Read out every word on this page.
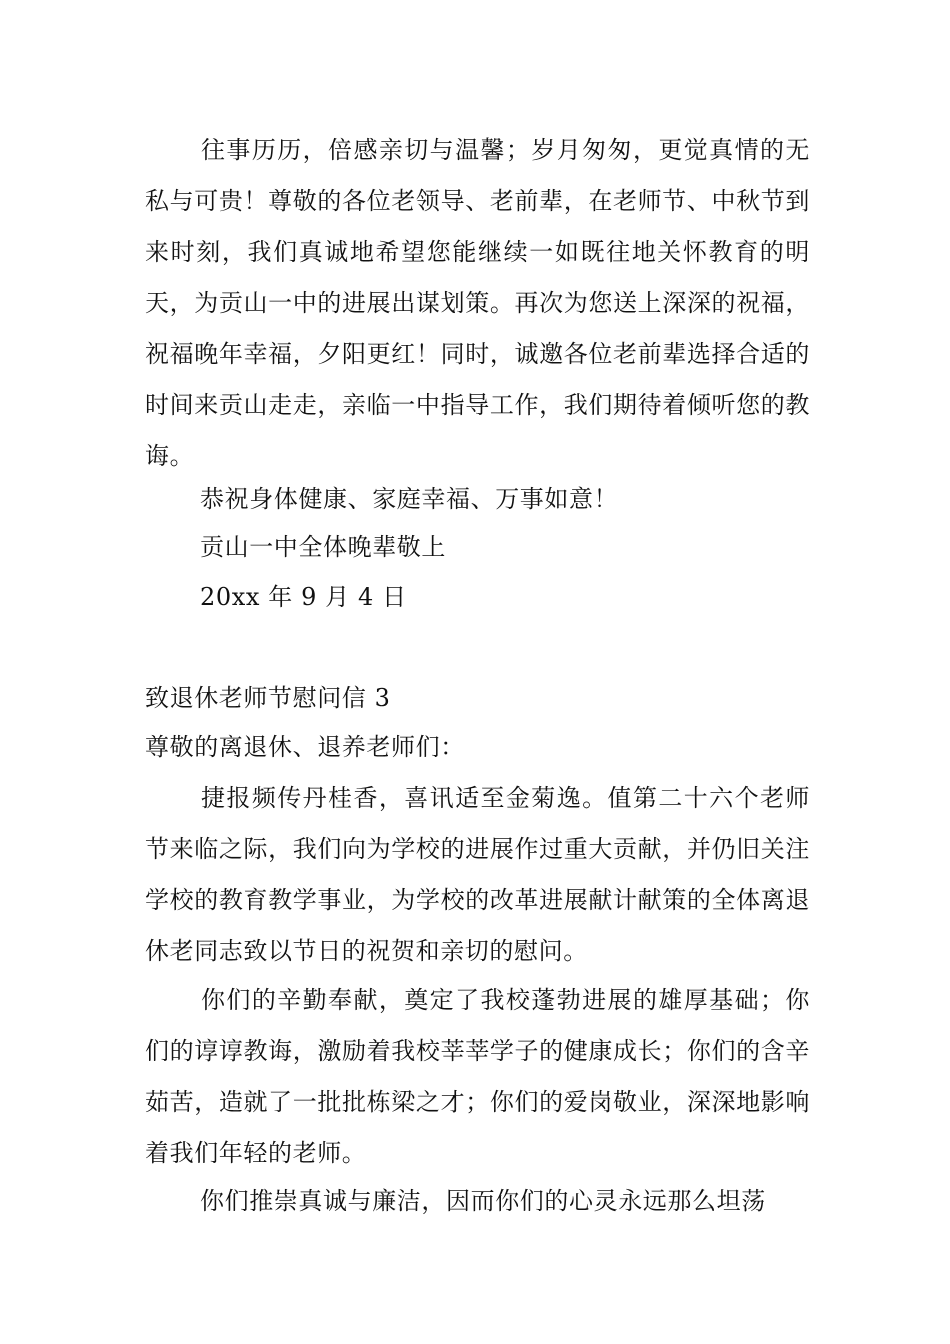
往事历历，倍感亲切与温馨；岁月匆匆，更觉真情的无私与可贵！尊敬的各位老领导、老前辈，在老师节、中秋节到来时刻，我们真诚地希望您能继续一如既往地关怀教育的明天，为贡山一中的进展出谋划策。再次为您送上深深的祝福，祝福晚年幸福，夕阳更红！同时，诚邀各位老前辈选择合适的时间来贡山走走，亲临一中指导工作，我们期待着倾听您的教诲。

恭祝身体健康、家庭幸福、万事如意！

贡山一中全体晚辈敬上

20xx 年 9 月 4 日

致退休老师节慰问信 3

尊敬的离退休、退养老师们：

捷报频传丹桂香，喜讯适至金菊逸。值第二十六个老师节来临之际，我们向为学校的进展作过重大贡献，并仍旧关注学校的教育教学事业，为学校的改革进展献计献策的全体离退休老同志致以节日的祝贺和亲切的慰问。

你们的辛勤奉献，奠定了我校蓬勃进展的雄厚基础；你们的谆谆教诲，激励着我校莘莘学子的健康成长；你们的含辛茹苦，造就了一批批栋梁之才；你们的爱岗敬业，深深地影响着我们年轻的老师。

你们推崇真诚与廉洁，因而你们的心灵永远那么坦荡
